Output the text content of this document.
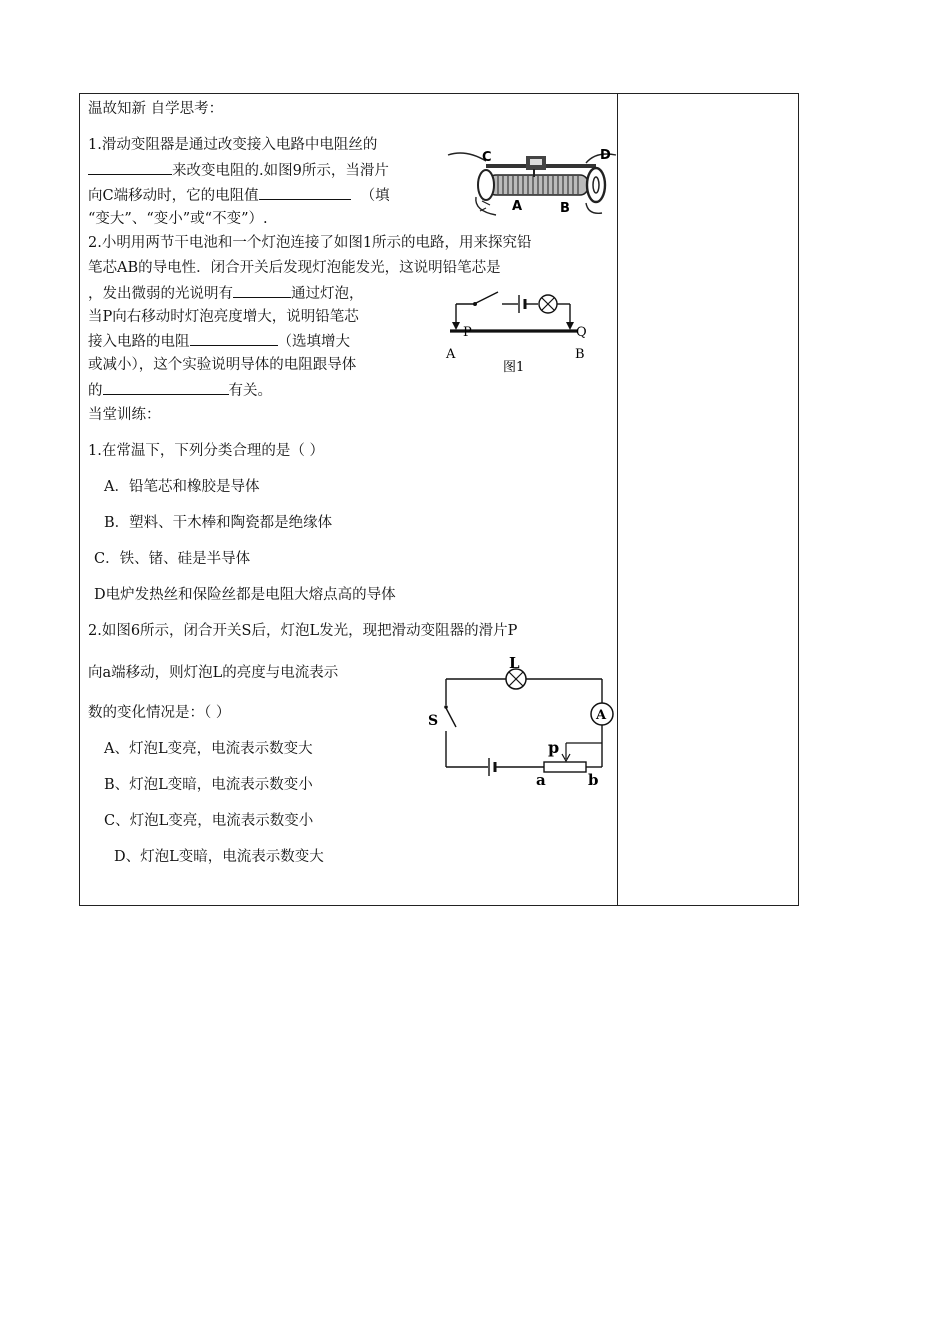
温故知新 自学思考：
1.滑动变阻器是通过改变接入电路中电阻丝的
来改变电阻的.如图9所示，当滑片
向C端移动时，它的电阻值	（填
“变大”、“变小”或“不变”）.
C	D
A	B
2.小明用两节干电池和一个灯泡连接了如图1所示的电路，用来探究铅
笔芯AB的导电性．闭合开关后发现灯泡能发光，这说明铅笔芯是
，发出微弱的光说明有	通过灯泡，
当P向右移动时灯泡亮度增大，说明铅笔芯
接入电路的电阻	（选填增大
或减小），这个实验说明导体的电阻跟导体
的	有关。
P	Q
A	B
图1
当堂训练：
1.在常温下，下列分类合理的是（ ）
A．铅笔芯和橡胶是导体
B．塑料、干木棒和陶瓷都是绝缘体
C．铁、锗、硅是半导体
D电炉发热丝和保险丝都是电阻大熔点高的导体
2.如图6所示，闭合开关S后，灯泡L发光，现把滑动变阻器的滑片P
向a端移动，则灯泡L的亮度与电流表示
数的变化情况是：（ ）
A、灯泡L变亮，电流表示数变大
B、灯泡L变暗，电流表示数变小
C、灯泡L变亮，电流表示数变小
D、灯泡L变暗，电流表示数变大
A
L
S
p
a	b
